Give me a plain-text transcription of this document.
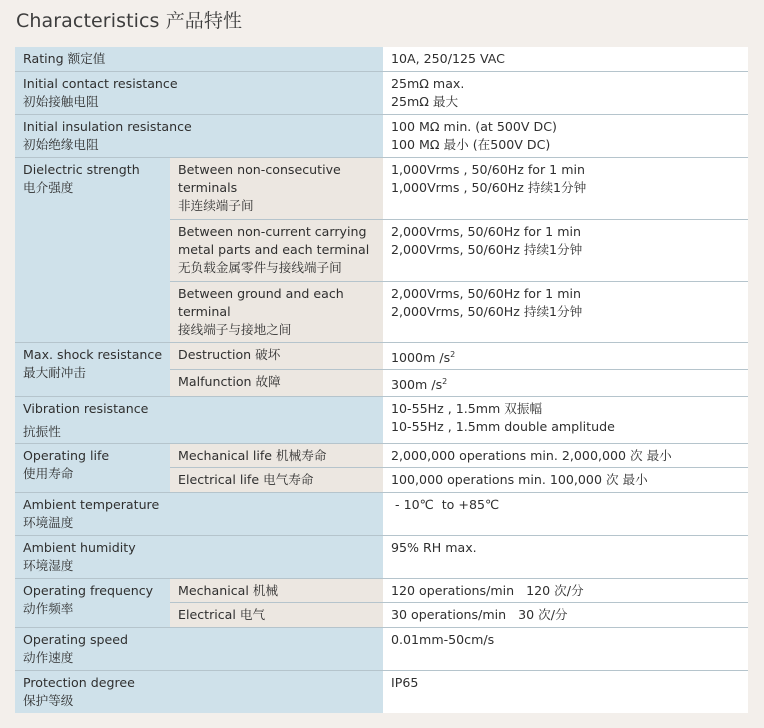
Characteristics 产品特性
Rating 额定值		10A, 250/125 VAC

Initial contact resistance
初始接触电阻		25mΩ max.
25mΩ 最大

Initial insulation resistance
初始绝缘电阻		100 MΩ min. (at 500V DC)
100 MΩ 最小 (在500V DC)

Dielectric strength
电介强度	Between non-consecutive
terminals
非连续端子间	1,000Vrms , 50/60Hz for 1 min
1,000Vrms , 50/60Hz 持续1分钟

	Between non-current carrying
metal parts and each terminal
无负载金属零件与接线端子间	2,000Vrms, 50/60Hz for 1 min
2,000Vrms, 50/60Hz 持续1分钟

	Between ground and each
terminal
接线端子与接地之间	2,000Vrms, 50/60Hz for 1 min
2,000Vrms, 50/60Hz 持续1分钟

Max. shock resistance
最大耐冲击	Destruction 破坏	1000m $/s^2$

	Malfunction 故障	300m $/s^2$

Vibration resistance
抗振性		10-55Hz , 1.5mm 双振幅
10-55Hz , 1.5mm double amplitude

Operating life
使用寿命	Mechanical life 机械寿命	2,000,000 operations min. 2,000,000 次 最小

	Electrical life 电气寿命	100,000 operations min. 100,000 次 最小

Ambient temperature
环境温度		- 10℃  to +85℃

Ambient humidity
环境湿度		95% RH max.

Operating frequency
动作频率	Mechanical 机械	120 operations/min   120 次/分

	Electrical 电气	30 operations/min   30 次/分

Operating speed
动作速度		0.01mm-50cm/s

Protection degree
保护等级		IP65
